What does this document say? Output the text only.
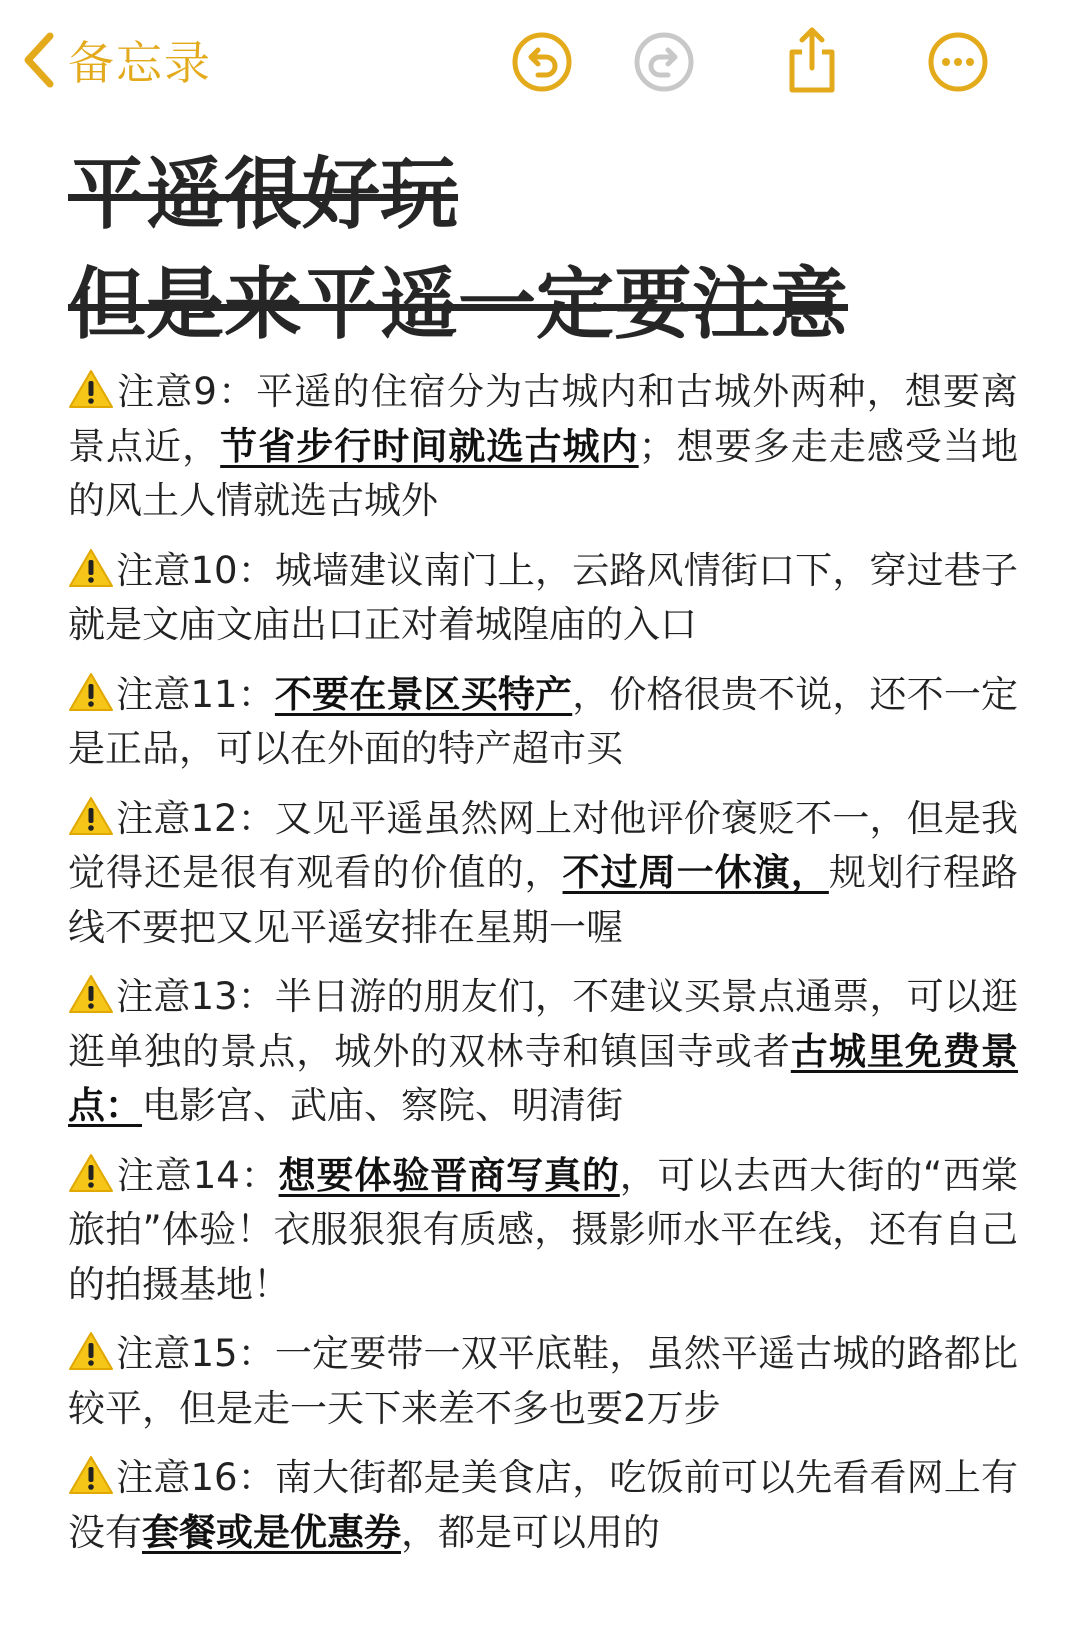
备忘录
平遥很好玩
但是来平遥一定要注意

注意9：平遥的住宿分为古城内和古城外两种，想要离景点近，节省步行时间就选古城内；想要多走走感受当地的风土人情就选古城外

注意10：城墙建议南门上，云路风情街口下，穿过巷子就是文庙文庙出口正对着城隍庙的入口

注意11：不要在景区买特产，价格很贵不说，还不一定是正品，可以在外面的特产超市买

注意12：又见平遥虽然网上对他评价褒贬不一，但是我觉得还是很有观看的价值的，不过周一休演，规划行程路线不要把又见平遥安排在星期一喔

注意13：半日游的朋友们，不建议买景点通票，可以逛逛单独的景点，城外的双林寺和镇国寺或者古城里免费景点：电影宫、武庙、察院、明清街

注意14：想要体验晋商写真的，可以去西大街的“西棠旅拍”体验！衣服狠狠有质感，摄影师水平在线，还有自己的拍摄基地！

注意15：一定要带一双平底鞋，虽然平遥古城的路都比较平，但是走一天下来差不多也要2万步

注意16：南大街都是美食店，吃饭前可以先看看网上有没有套餐或是优惠券，都是可以用的
